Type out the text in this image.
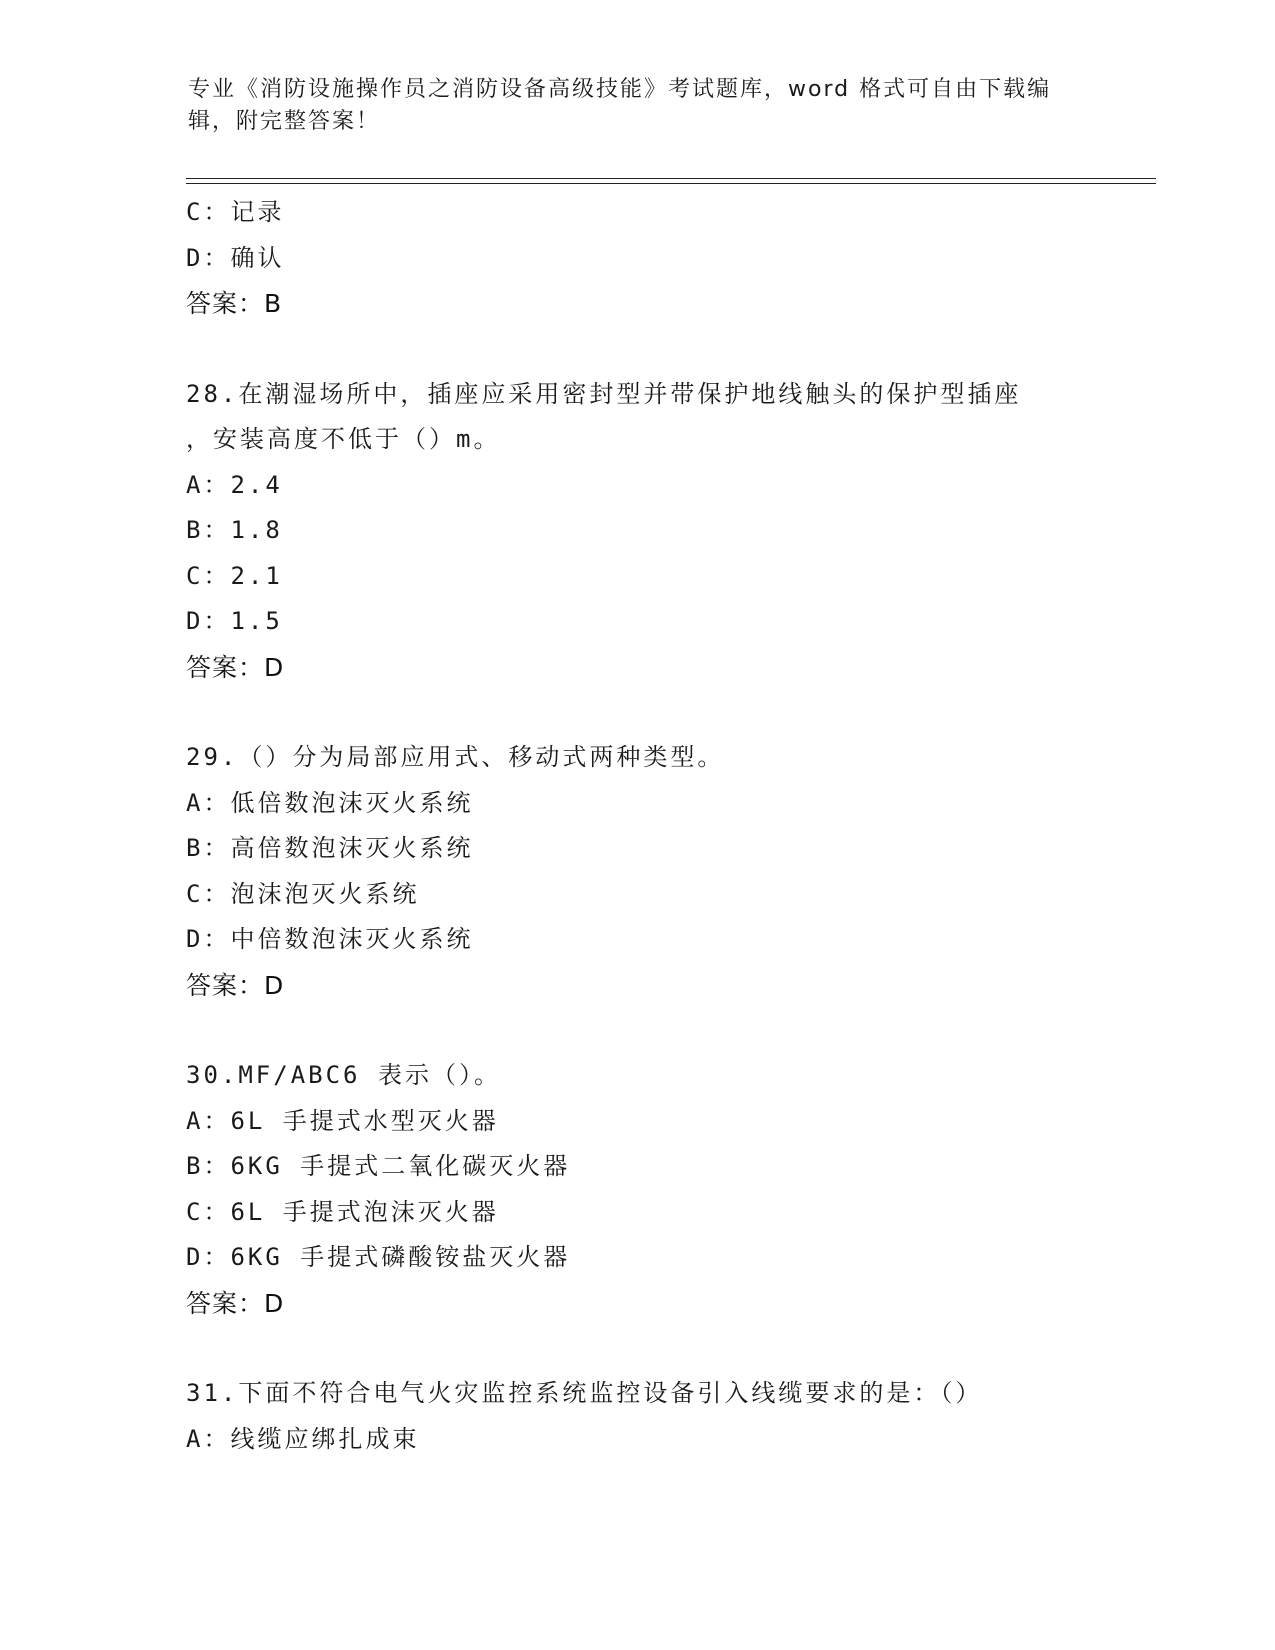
专业《消防设施操作员之消防设备高级技能》考试题库，word 格式可自由下载编
辑，附完整答案！

C：记录

D：确认

答案：B

28.在潮湿场所中，插座应采用密封型并带保护地线触头的保护型插座

，安装高度不低于（）m。

A：2.4

B：1.8

C：2.1

D：1.5

答案：D

29.（）分为局部应用式、移动式两种类型。

A：低倍数泡沫灭火系统

B：高倍数泡沫灭火系统

C：泡沫泡灭火系统

D：中倍数泡沫灭火系统

答案：D

30.MF/ABC6 表示（）。

A：6L 手提式水型灭火器

B：6KG 手提式二氧化碳灭火器

C：6L 手提式泡沫灭火器

D：6KG 手提式磷酸铵盐灭火器

答案：D

31.下面不符合电气火灾监控系统监控设备引入线缆要求的是：（）

A：线缆应绑扎成束
